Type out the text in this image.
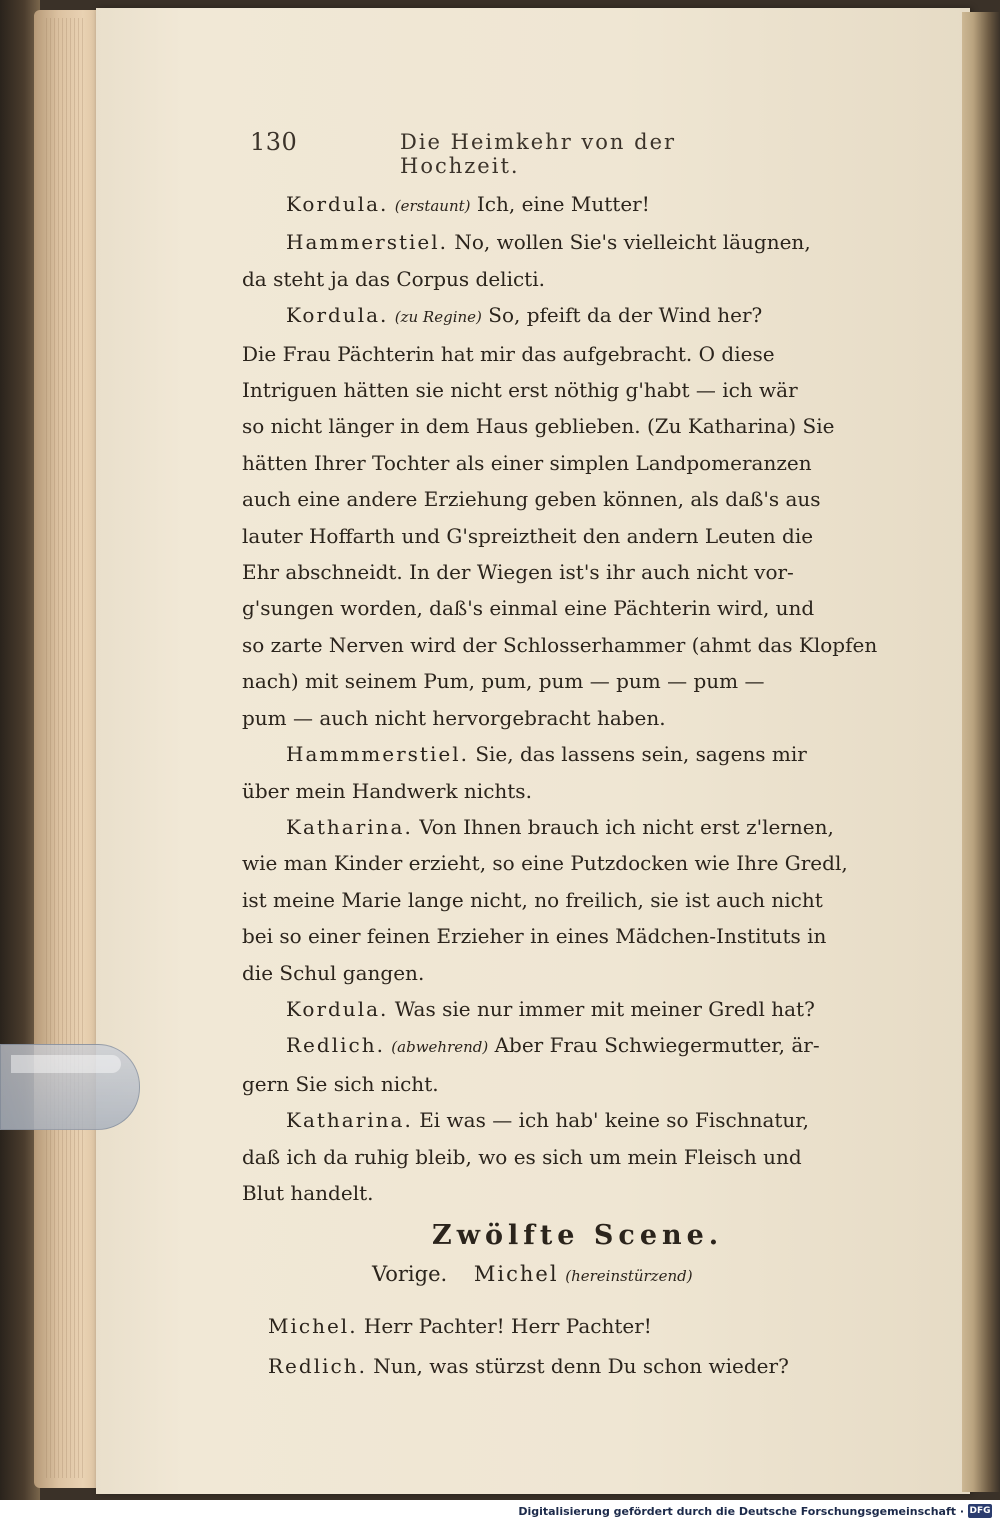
130	Die Heimkehr von der Hochzeit.
Kordula. (erstaunt) Ich, eine Mutter!
Hammerstiel. No, wollen Sie's vielleicht läugnen,
da steht ja das Corpus delicti.
Kordula. (zu Regine) So, pfeift da der Wind her?
Die Frau Pächterin hat mir das aufgebracht. O diese
Intriguen hätten sie nicht erst nöthig g'habt — ich wär
so nicht länger in dem Haus geblieben. (Zu Katharina) Sie
hätten Ihrer Tochter als einer simplen Landpomeranzen
auch eine andere Erziehung geben können, als daß's aus
lauter Hoffarth und G'spreiztheit den andern Leuten die
Ehr abschneidt. In der Wiegen ist's ihr auch nicht vor-
g'sungen worden, daß's einmal eine Pächterin wird, und
so zarte Nerven wird der Schlosserhammer (ahmt das Klopfen
nach) mit seinem Pum, pum, pum — pum — pum —
pum — auch nicht hervorgebracht haben.
Hammmerstiel. Sie, das lassens sein, sagens mir
über mein Handwerk nichts.
Katharina. Von Ihnen brauch ich nicht erst z'lernen,
wie man Kinder erzieht, so eine Putzdocken wie Ihre Gredl,
ist meine Marie lange nicht, no freilich, sie ist auch nicht
bei so einer feinen Erzieher in eines Mädchen-Instituts in
die Schul gangen.
Kordula. Was sie nur immer mit meiner Gredl hat?
Redlich. (abwehrend) Aber Frau Schwiegermutter, är-
gern Sie sich nicht.
Katharina. Ei was — ich hab' keine so Fischnatur,
daß ich da ruhig bleib, wo es sich um mein Fleisch und
Blut handelt.
Zwölfte Scene.
Vorige. Michel (hereinstürzend)
Michel. Herr Pachter! Herr Pachter!
Redlich. Nun, was stürzst denn Du schon wieder?
Digitalisierung gefördert durch die Deutsche Forschungsgemeinschaft · DFG
